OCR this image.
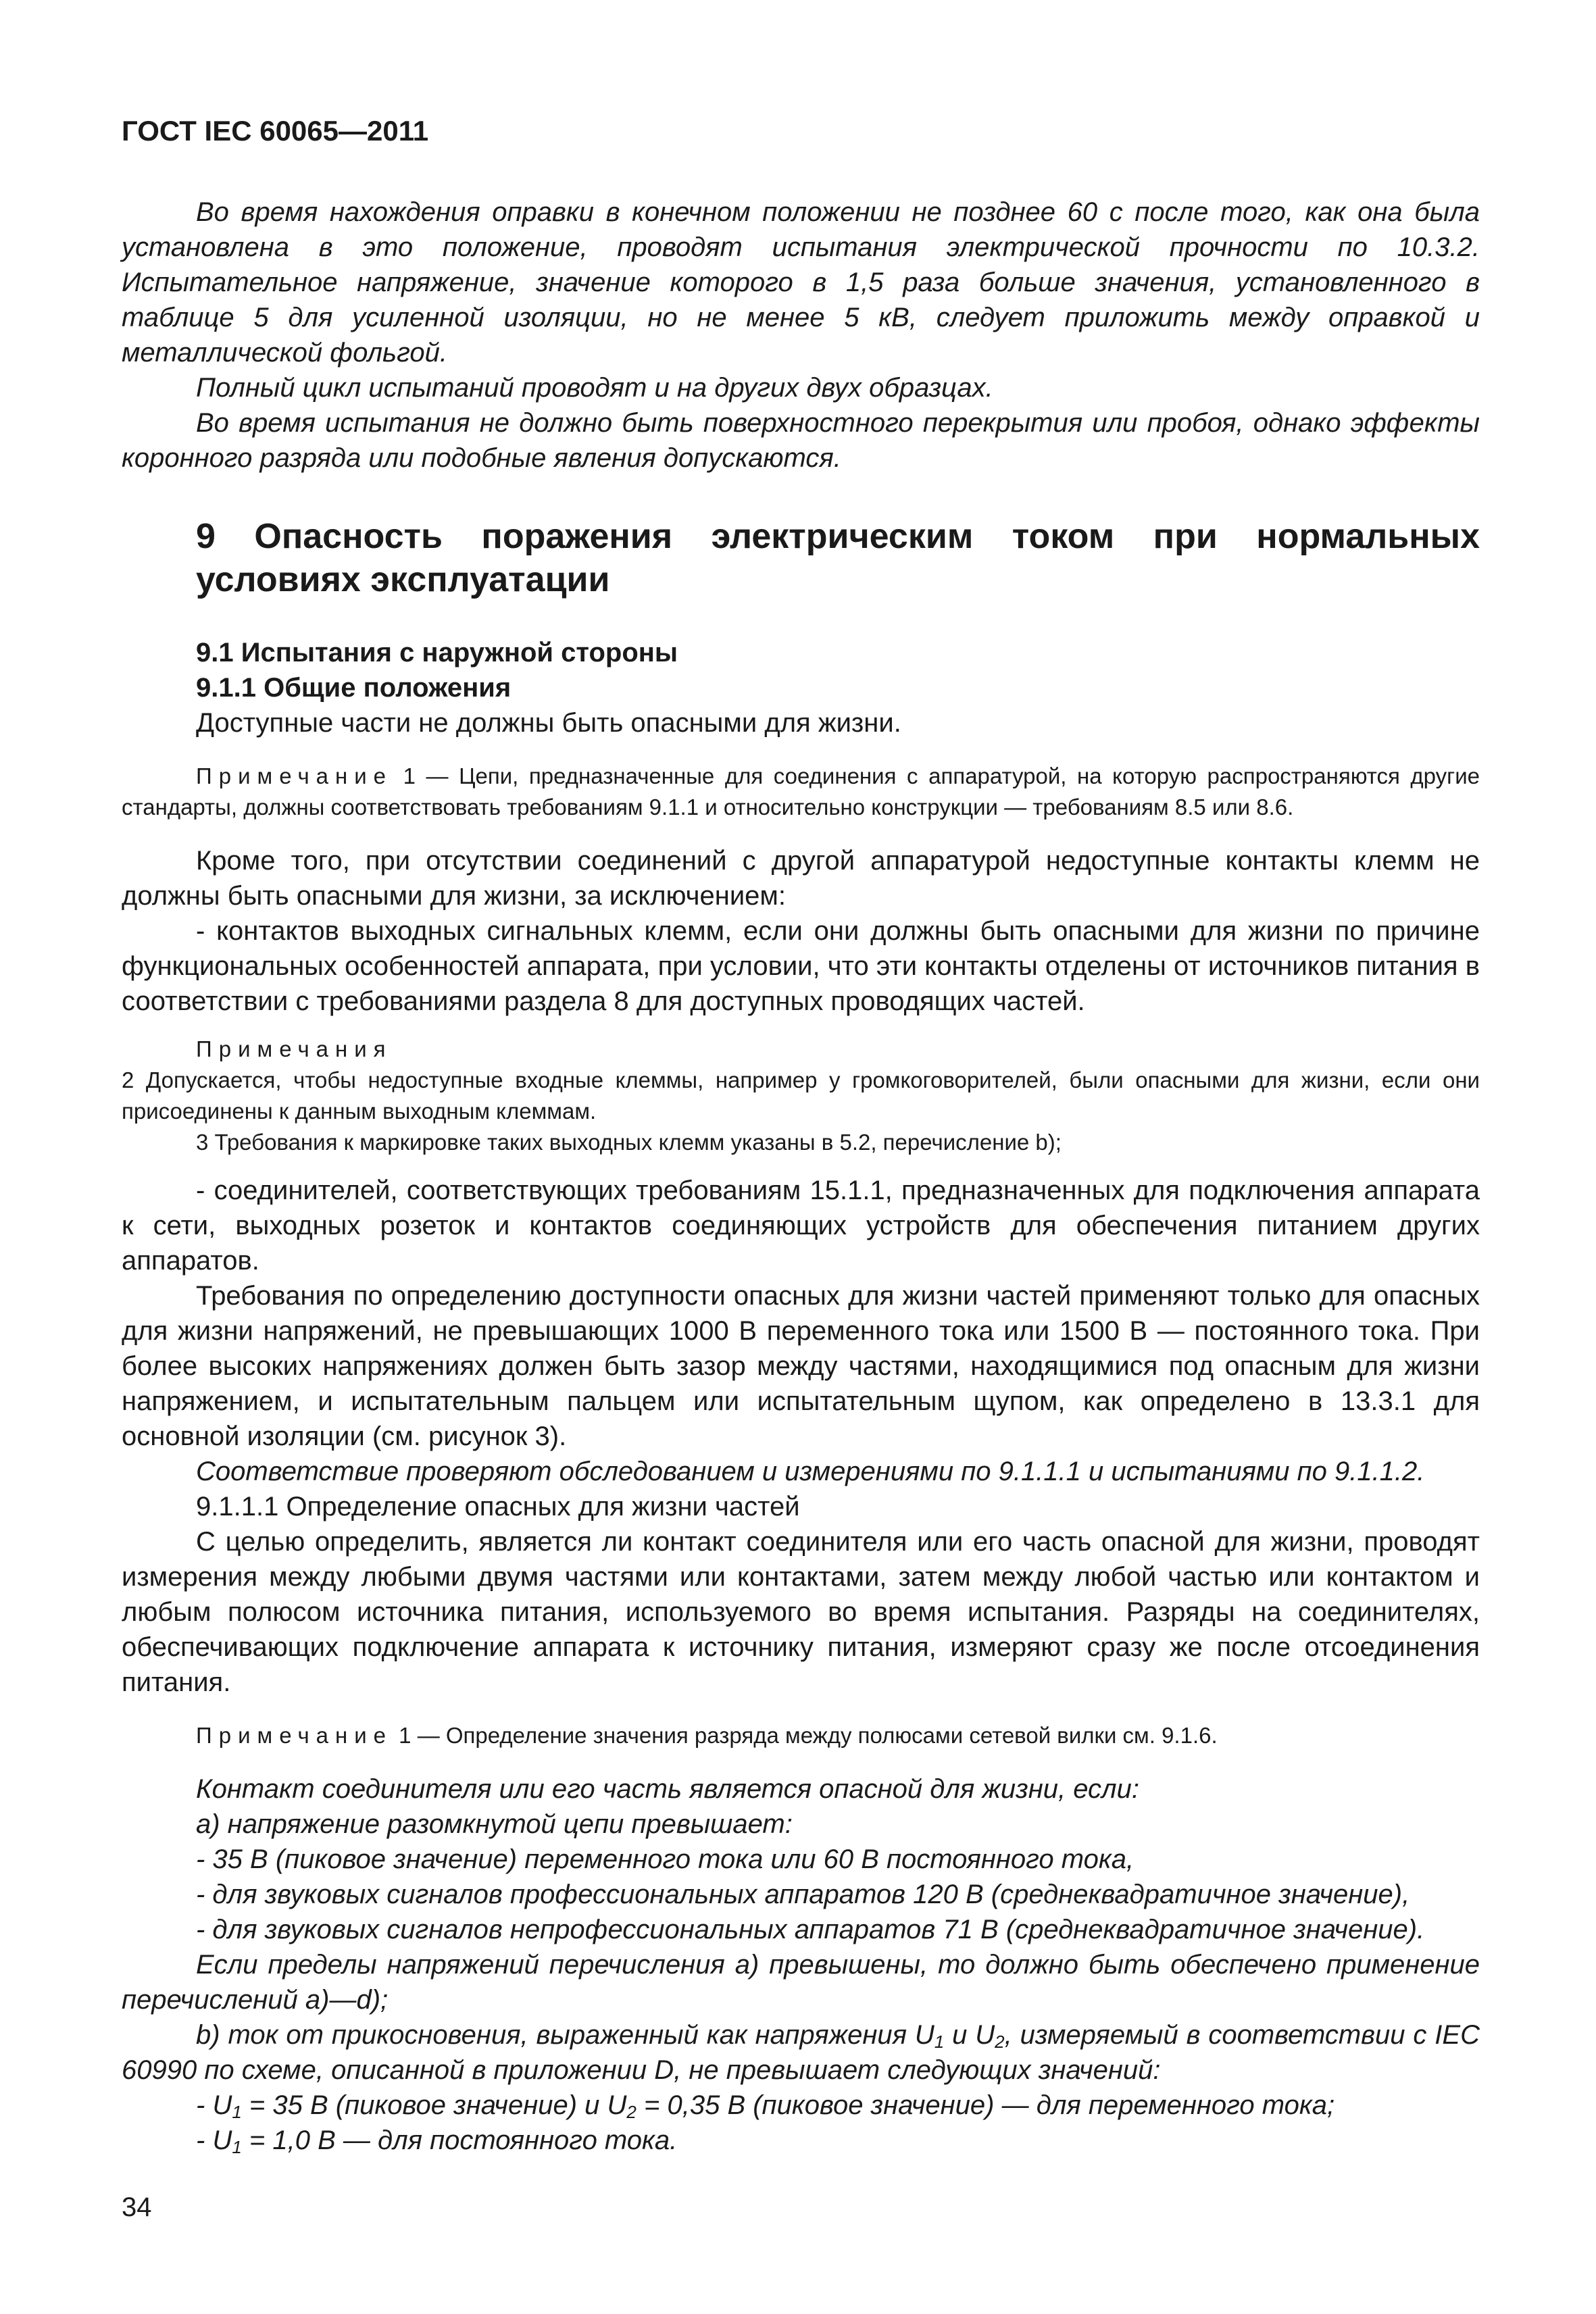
ГОСТ IEC 60065—2011

Во время нахождения оправки в конечном положении не позднее 60 с после того, как она была установлена в это положение, проводят испытания электрической прочности по 10.3.2. Испытательное напряжение, значение которого в 1,5 раза больше значения, установленного в таблице 5 для усиленной изоляции, но не менее 5 кВ, следует приложить между оправкой и металлической фольгой.

Полный цикл испытаний проводят и на других двух образцах.

Во время испытания не должно быть поверхностного перекрытия или пробоя, однако эффекты коронного разряда или подобные явления допускаются.

9 Опасность поражения электрическим током при нормальных условиях эксплуатации
9.1 Испытания с наружной стороны
9.1.1 Общие положения

Доступные части не должны быть опасными для жизни.

Примечание 1 — Цепи, предназначенные для соединения с аппаратурой, на которую распространяются другие стандарты, должны соответствовать требованиям 9.1.1 и относительно конструкции — требованиям 8.5 или 8.6.

Кроме того, при отсутствии соединений с другой аппаратурой недоступные контакты клемм не должны быть опасными для жизни, за исключением:

- контактов выходных сигнальных клемм, если они должны быть опасными для жизни по причине функциональных особенностей аппарата, при условии, что эти контакты отделены от источников питания в соответствии с требованиями раздела 8 для доступных проводящих частей.

Примечания

2 Допускается, чтобы недоступные входные клеммы, например у громкоговорителей, были опасными для жизни, если они присоединены к данным выходным клеммам.

3 Требования к маркировке таких выходных клемм указаны в 5.2, перечисление b);

- соединителей, соответствующих требованиям 15.1.1, предназначенных для подключения аппарата к сети, выходных розеток и контактов соединяющих устройств для обеспечения питанием других аппаратов.

Требования по определению доступности опасных для жизни частей применяют только для опасных для жизни напряжений, не превышающих 1000 В переменного тока или 1500 В — постоянного тока. При более высоких напряжениях должен быть зазор между частями, находящимися под опасным для жизни напряжением, и испытательным пальцем или испытательным щупом, как определено в 13.3.1 для основной изоляции (см. рисунок 3).

Соответствие проверяют обследованием и измерениями по 9.1.1.1 и испытаниями по 9.1.1.2.

9.1.1.1 Определение опасных для жизни частей

С целью определить, является ли контакт соединителя или его часть опасной для жизни, проводят измерения между любыми двумя частями или контактами, затем между любой частью или контактом и любым полюсом источника питания, используемого во время испытания. Разряды на соединителях, обеспечивающих подключение аппарата к источнику питания, измеряют сразу же после отсоединения питания.

Примечание 1 — Определение значения разряда между полюсами сетевой вилки см. 9.1.6.

Контакт соединителя или его часть является опасной для жизни, если:

а) напряжение разомкнутой цепи превышает:

- 35 В (пиковое значение) переменного тока или 60 В постоянного тока,

- для звуковых сигналов профессиональных аппаратов 120 В (среднеквадратичное значение),

- для звуковых сигналов непрофессиональных аппаратов 71 В (среднеквадратичное значение).

Если пределы напряжений перечисления а) превышены, то должно быть обеспечено применение перечислений а)—d);

b) ток от прикосновения, выраженный как напряжения $U_1$ и $U_2$, измеряемый в соответствии с IEC 60990 по схеме, описанной в приложении D, не превышает следующих значений:

- $U_1 = 35$ В (пиковое значение) и $U_2 = 0,35$ В (пиковое значение) — для переменного тока;

- $U_1 = 1,0$ В — для постоянного тока.

34
